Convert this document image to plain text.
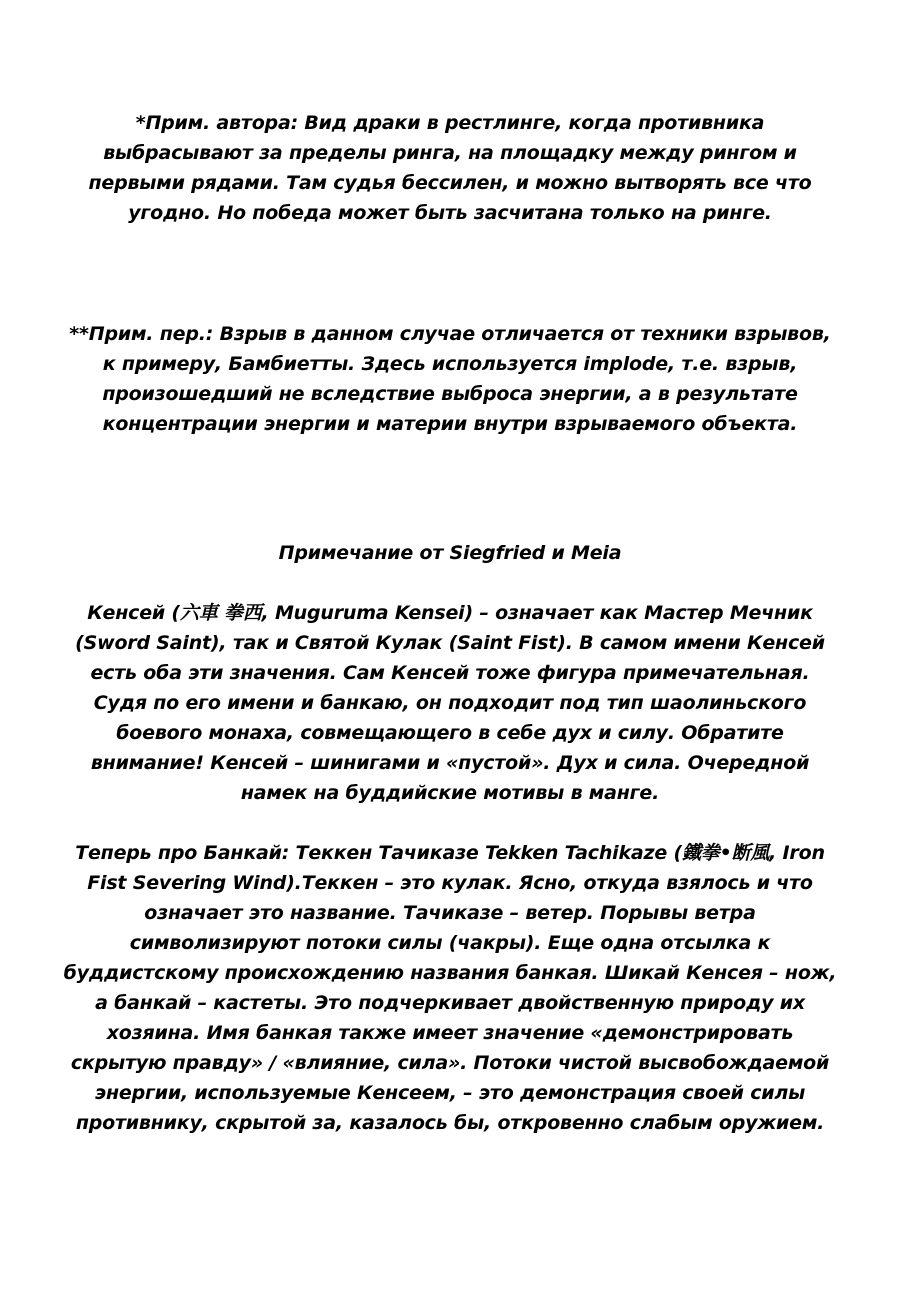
*Прим. автора: Вид драки в рестлинге, когда противника
выбрасывают за пределы ринга, на площадку между рингом и
первыми рядами. Там судья бессилен, и можно вытворять все что
угодно. Но победа может быть засчитана только на ринге.
**Прим. пер.: Взрыв в данном случае отличается от техники взрывов,
к примеру, Бамбиетты. Здесь используется implode, т.е. взрыв,
произошедший не вследствие выброса энергии, а в результате
концентрации энергии и материи внутри взрываемого объекта.
Примечание от Siegfried и Meia
Кенсей (六車 拳西, Muguruma Kensei) – означает как Мастер Мечник
(Sword Saint), так и Святой Кулак (Saint Fist). В самом имени Кенсей
есть оба эти значения. Сам Кенсей тоже фигура примечательная.
Судя по его имени и банкаю, он подходит под тип шаолиньского
боевого монаха, совмещающего в себе дух и силу. Обратите
внимание! Кенсей – шинигами и «пустой». Дух и сила. Очередной
намек на буддийские мотивы в манге.
Теперь про Банкай: Теккен Тачиказе Tekken Tachikaze (鐵拳•断風, Iron
Fist Severing Wind).Теккен – это кулак. Ясно, откуда взялось и что
означает это название. Тачиказе – ветер. Порывы ветра
символизируют потоки силы (чакры). Еще одна отсылка к
буддистскому происхождению названия банкая. Шикай Кенсея – нож,
а банкай – кастеты. Это подчеркивает двойственную природу их
хозяина. Имя банкая также имеет значение «демонстрировать
скрытую правду» / «влияние, сила». Потоки чистой высвобождаемой
энергии, используемые Кенсеем, – это демонстрация своей силы
противнику, скрытой за, казалось бы, откровенно слабым оружием.
